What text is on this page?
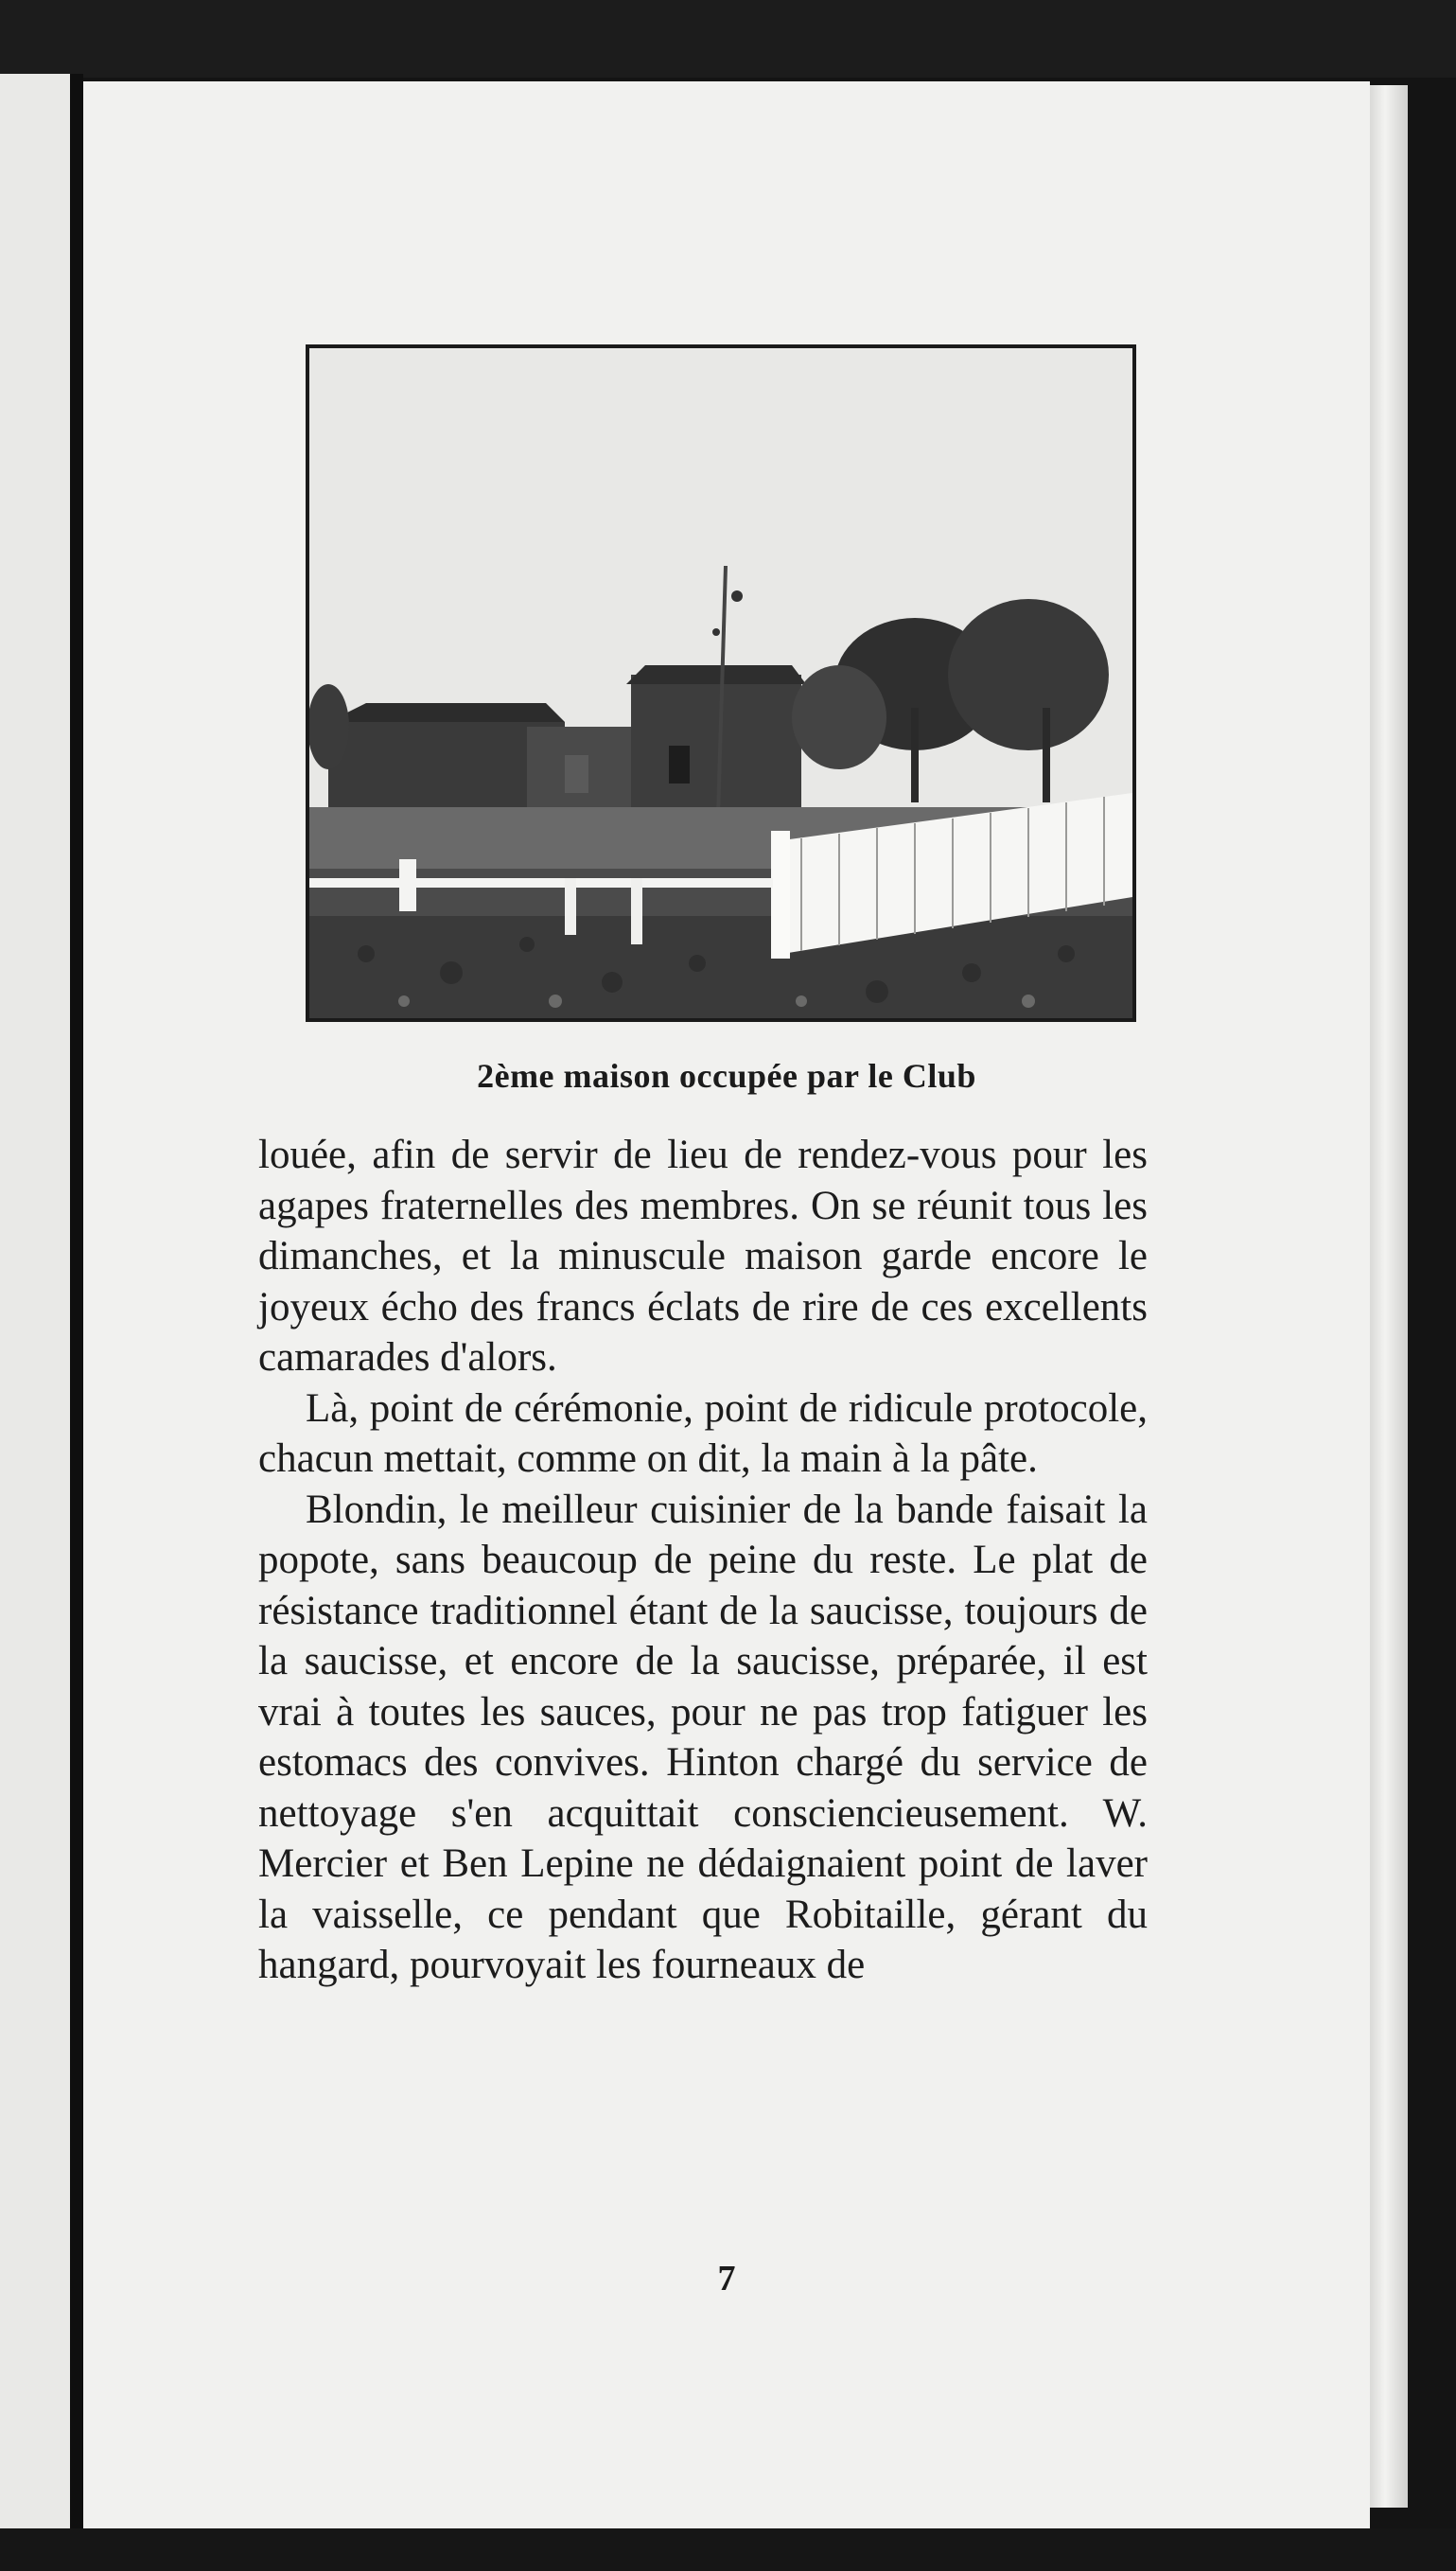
2ème maison occupée par le Club

louée, afin de servir de lieu de rendez-vous pour les agapes fraternelles des membres. On se réunit tous les dimanches, et la minuscule maison garde encore le joyeux écho des francs éclats de rire de ces excellents camarades d'alors.

Là, point de cérémonie, point de ridicule protocole, chacun mettait, comme on dit, la main à la pâte.

Blondin, le meilleur cuisinier de la bande faisait la popote, sans beaucoup de peine du reste. Le plat de résistance traditionnel étant de la saucisse, toujours de la saucisse, et encore de la saucisse, préparée, il est vrai à toutes les sauces, pour ne pas trop fatiguer les estomacs des convives. Hinton chargé du service de nettoyage s'en acquittait consciencieusement. W. Mercier et Ben Lepine ne dédaignaient point de laver la vaisselle, ce pendant que Robitaille, gérant du hangard, pourvoyait les fourneaux de

7
